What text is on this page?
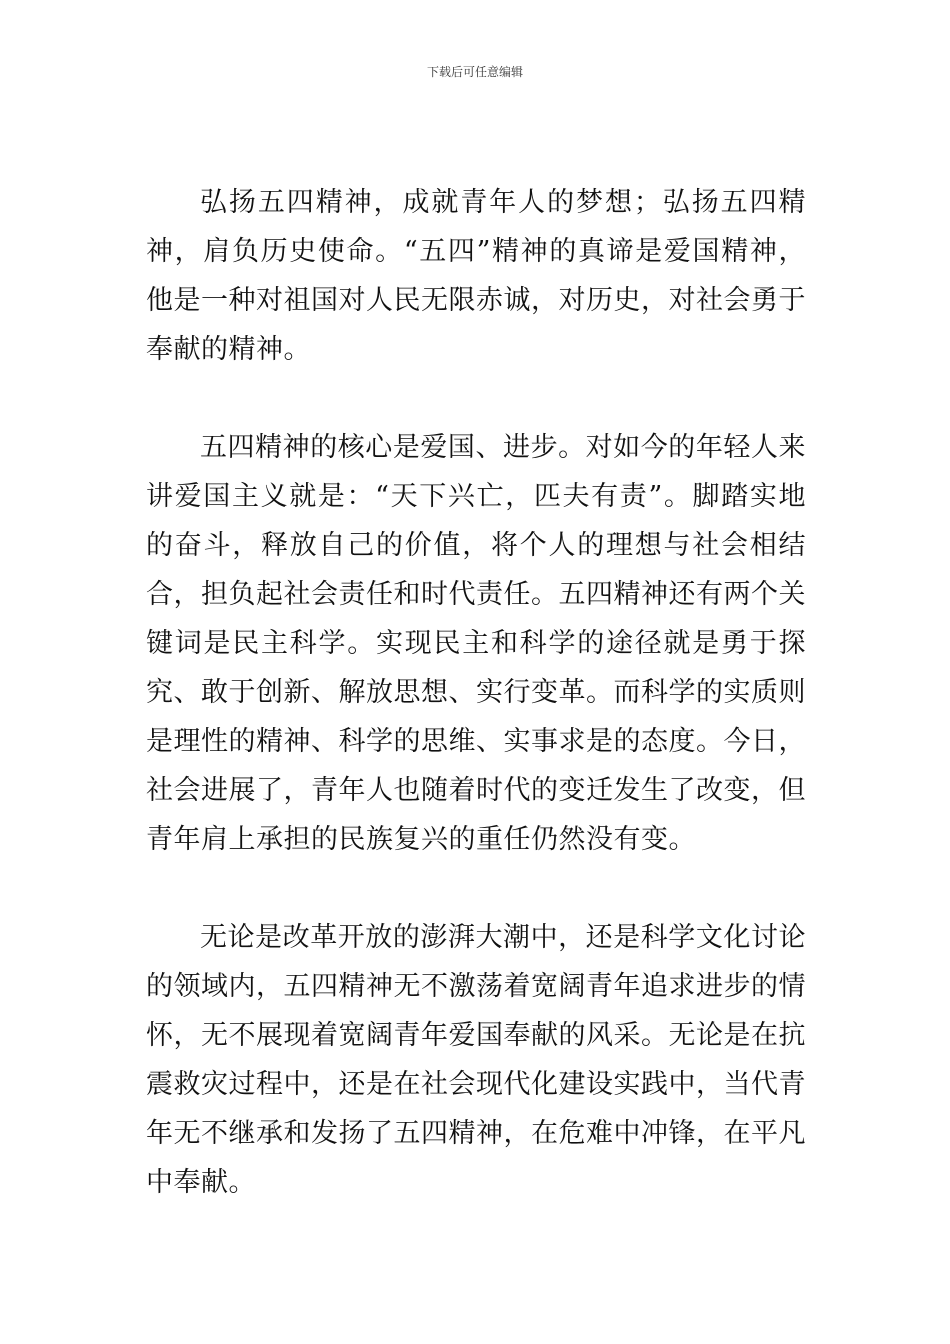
下载后可任意编辑

弘扬五四精神，成就青年人的梦想；弘扬五四精神，肩负历史使命。“五四”精神的真谛是爱国精神，他是一种对祖国对人民无限赤诚，对历史，对社会勇于奉献的精神。

五四精神的核心是爱国、进步。对如今的年轻人来讲爱国主义就是：“天下兴亡，匹夫有责”。脚踏实地的奋斗，释放自己的价值，将个人的理想与社会相结合，担负起社会责任和时代责任。五四精神还有两个关键词是民主科学。实现民主和科学的途径就是勇于探究、敢于创新、解放思想、实行变革。而科学的实质则是理性的精神、科学的思维、实事求是的态度。今日，社会进展了，青年人也随着时代的变迁发生了改变，但青年肩上承担的民族复兴的重任仍然没有变。

无论是改革开放的澎湃大潮中，还是科学文化讨论的领域内，五四精神无不激荡着宽阔青年追求进步的情怀，无不展现着宽阔青年爱国奉献的风采。无论是在抗震救灾过程中，还是在社会现代化建设实践中，当代青年无不继承和发扬了五四精神，在危难中冲锋，在平凡中奉献。
